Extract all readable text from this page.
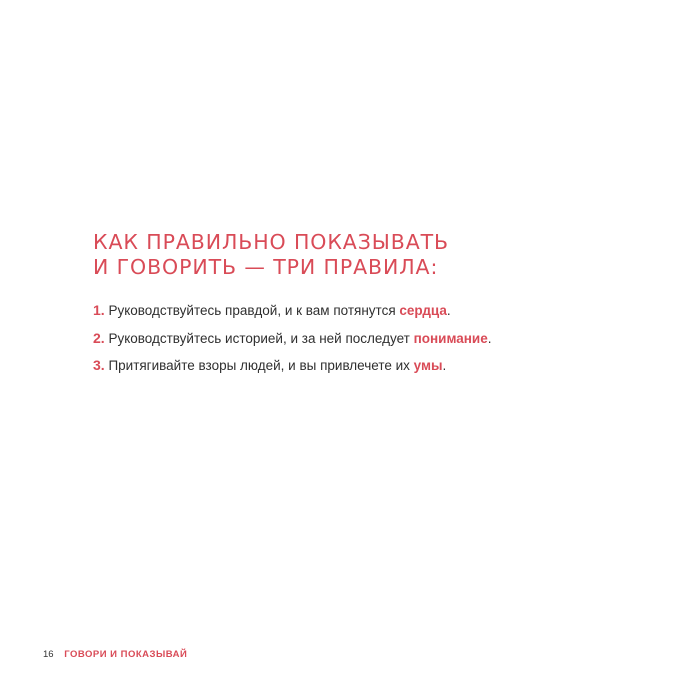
КАК ПРАВИЛЬНО ПОКАЗЫВАТЬ
И ГОВОРИТЬ — ТРИ ПРАВИЛА:
1. Руководствуйтесь правдой, и к вам потянутся сердца.
2. Руководствуйтесь историей, и за ней последует понимание.
3. Притягивайте взоры людей, и вы привлечете их умы.
16 ГОВОРИ И ПОКАЗЫВАЙ
